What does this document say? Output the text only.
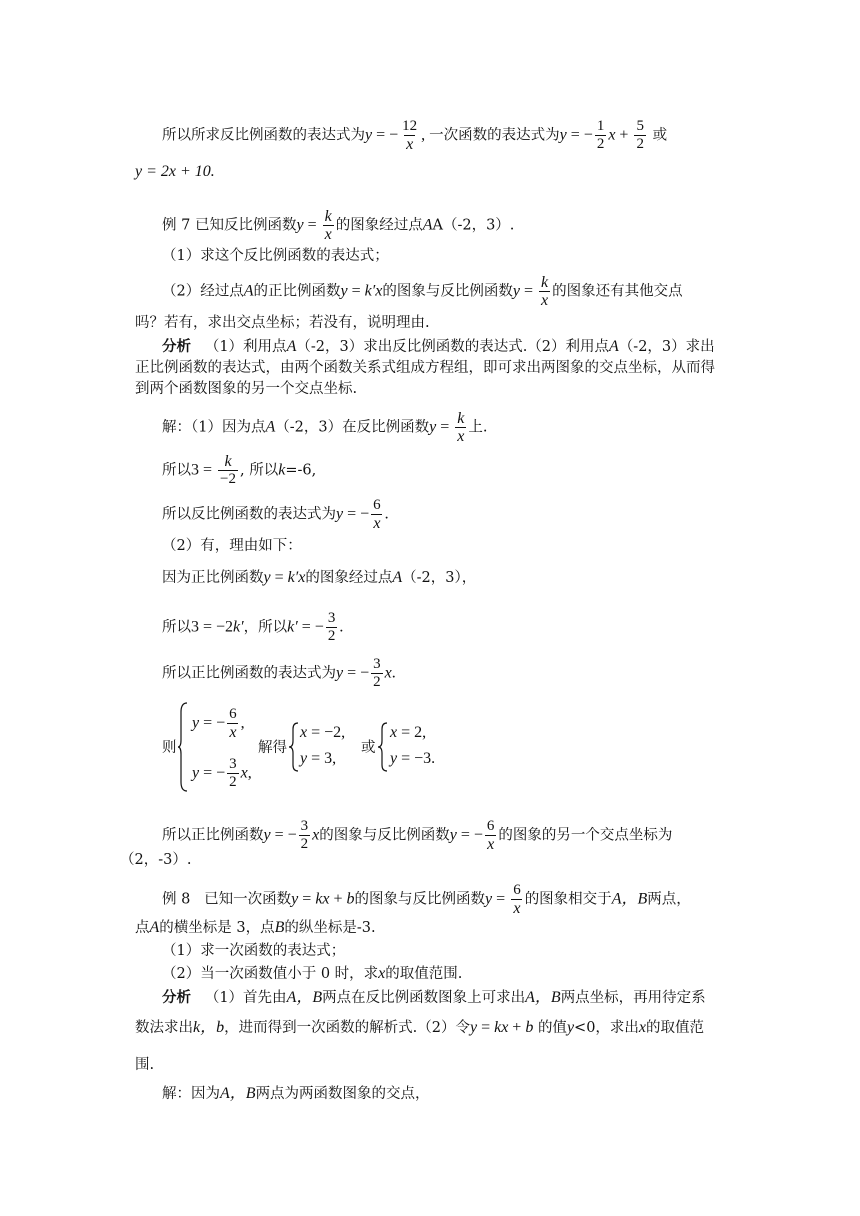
所以所求反比例函数的表达式为y = − $\frac{12}{x}$ , 一次函数的表达式为y = − $\frac{1}{2}$ $x + \frac{5}{2}$ 或
y = 2x + 10.
例 7 已知反比例函数$y = \frac{k}{x}$ 的图象经过点AA（-2，3）.
（1）求这个反比例函数的表达式；
（2）经过点A的正比例函数y = k′x的图象与反比例函数$y = \frac{k}{x}$ 的图象还有其他交点
吗？若有，求出交点坐标；若没有，说明理由.
分析 （1）利用点A（-2，3）求出反比例函数的表达式.（2）利用点A（-2，3）求出
正比例函数的表达式，由两个函数关系式组成方程组，即可求出两图象的交点坐标，从而得
到两个函数图象的另一个交点坐标.
解：（1）因为点A（-2，3）在反比例函数$y = \frac{k}{x}$ 上.
所以$3 = \frac{k}{-2}$ , 所以k=-6,
所以反比例函数的表达式为y = − $\frac{6}{x}$ .
（2）有，理由如下：
因为正比例函数y = k′x的图象经过点A（-2，3），
所以3 = −2k′，所以k′ = − $\frac{3}{2}$ .
所以正比例函数的表达式为y = − $\frac{3}{2} x$.
则
y = − $\frac{6}{x}$ ,
y = − $\frac{3}{2} x$,
解得
x = −2,
y = 3,
或
x = 2,
y = −3.
所以正比例函数y = − $\frac{3}{2}$ x的图象与反比例函数y = − $\frac{6}{x}$ 的图象的另一个交点坐标为
（2，-3）.
例 8 已知一次函数y = kx + b的图象与反比例函数$y = \frac{6}{x}$ 的图象相交于A，B两点，
点A的横坐标是 3，点B的纵坐标是-3.
（1）求一次函数的表达式；
（2）当一次函数值小于 0 时，求x的取值范围.
分析 （1）首先由A，B两点在反比例函数图象上可求出A，B两点坐标，再用待定系
数法求出k，b，进而得到一次函数的解析式.（2）令y = kx + b 的值y<0，求出x的取值范
围.
解：因为A，B两点为两函数图象的交点，
